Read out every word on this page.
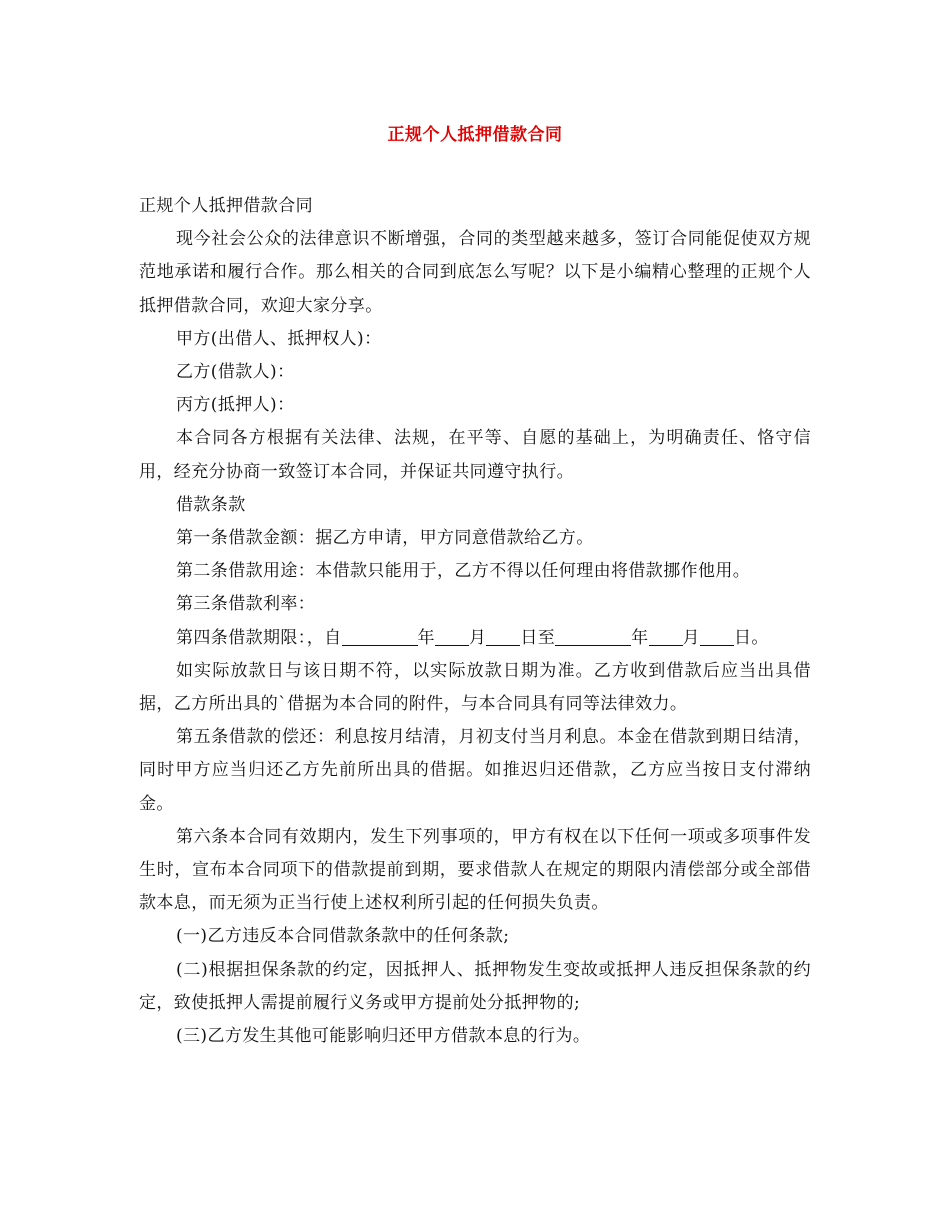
正规个人抵押借款合同

正规个人抵押借款合同

现今社会公众的法律意识不断增强，合同的类型越来越多，签订合同能促使双方规范地承诺和履行合作。那么相关的合同到底怎么写呢？以下是小编精心整理的正规个人抵押借款合同，欢迎大家分享。

甲方(出借人、抵押权人)：

乙方(借款人)：

丙方(抵押人)：

本合同各方根据有关法律、法规，在平等、自愿的基础上，为明确责任、恪守信用，经充分协商一致签订本合同，并保证共同遵守执行。

借款条款

第一条借款金额：据乙方申请，甲方同意借款给乙方。

第二条借款用途：本借款只能用于，乙方不得以任何理由将借款挪作他用。

第三条借款利率：

第四条借款期限：，自	年 月 日至	年 月 日。

如实际放款日与该日期不符，以实际放款日期为准。乙方收到借款后应当出具借据，乙方所出具的`借据为本合同的附件，与本合同具有同等法律效力。

第五条借款的偿还：利息按月结清，月初支付当月利息。本金在借款到期日结清，同时甲方应当归还乙方先前所出具的借据。如推迟归还借款，乙方应当按日支付滞纳金。

第六条本合同有效期内，发生下列事项的，甲方有权在以下任何一项或多项事件发生时，宣布本合同项下的借款提前到期，要求借款人在规定的期限内清偿部分或全部借款本息，而无须为正当行使上述权利所引起的任何损失负责。

(一)乙方违反本合同借款条款中的任何条款;

(二)根据担保条款的约定，因抵押人、抵押物发生变故或抵押人违反担保条款的约定，致使抵押人需提前履行义务或甲方提前处分抵押物的;

(三)乙方发生其他可能影响归还甲方借款本息的行为。
